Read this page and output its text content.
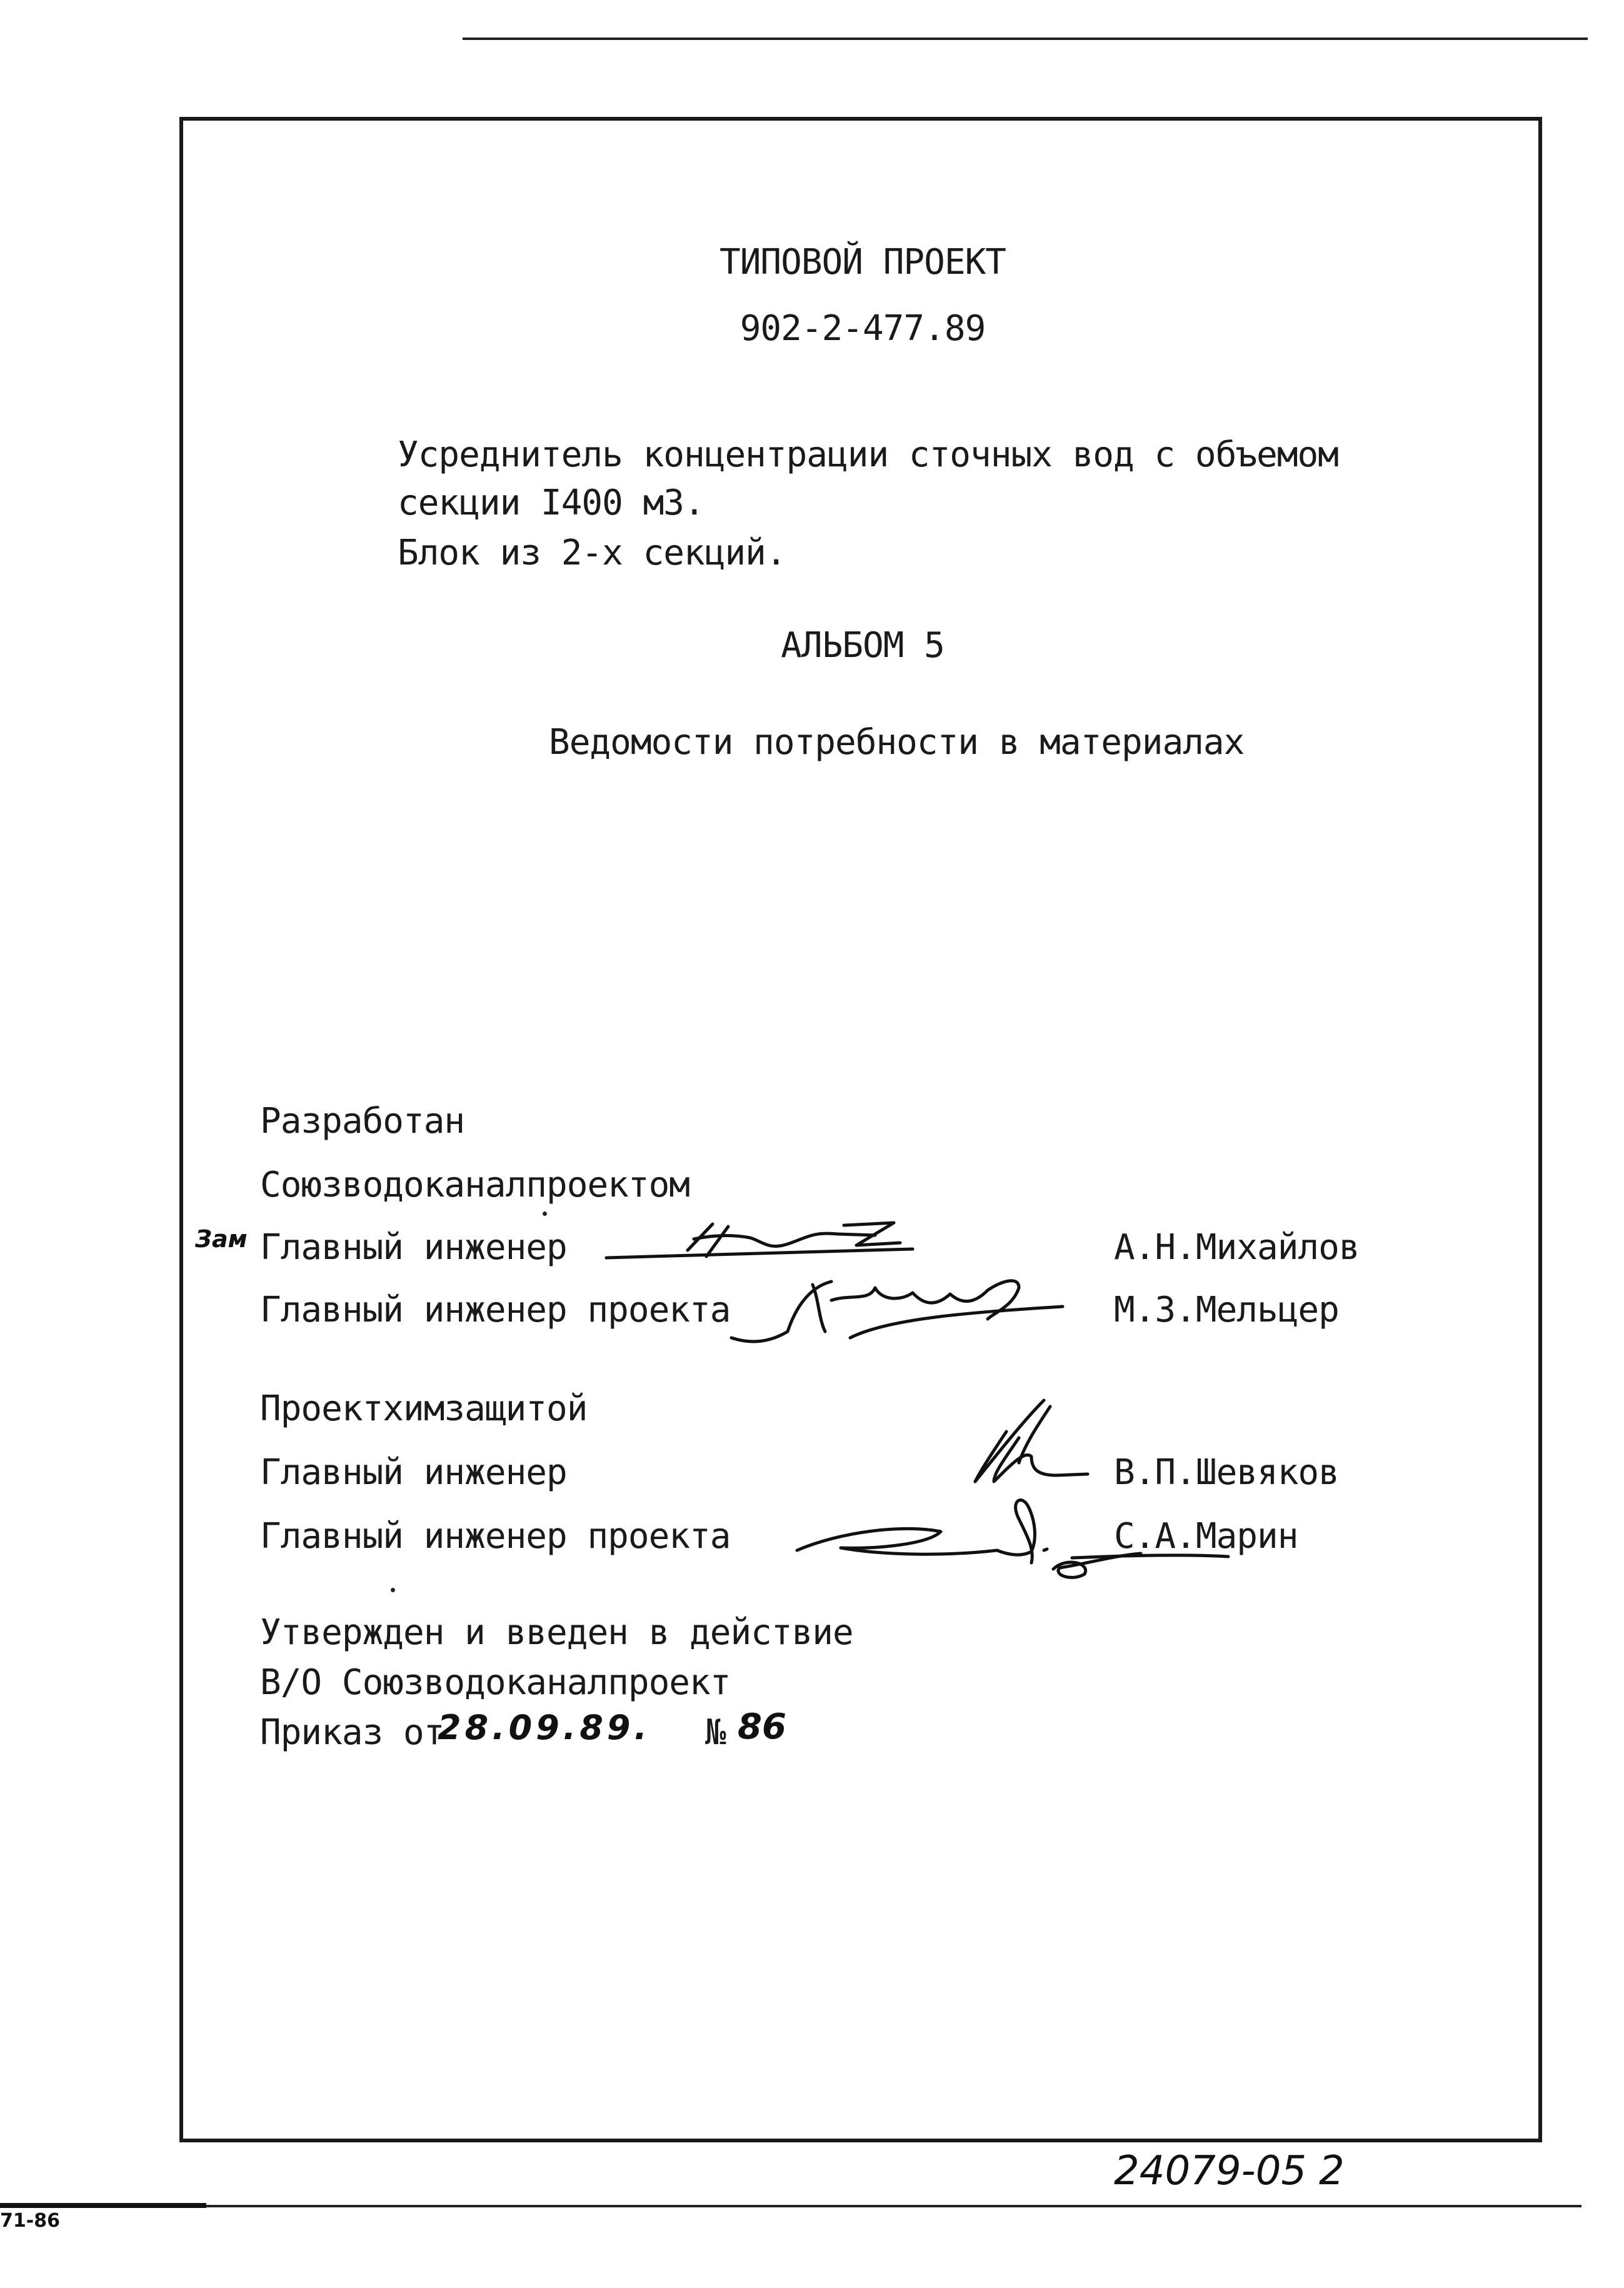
ТИПОВОЙ ПРОЕКТ
902-2-477.89
Усреднитель концентрации сточных вод с объемом
секции I400 м3.
Блок из 2-х секций.
АЛЬБОМ 5
Ведомости потребности в материалах
Разработан
Союзводоканалпроектом
Зам Главный инженер	А.Н.Михайлов
Главный инженер проекта	М.З.Мельцер
Проектхимзащитой
Главный инженер	В.П.Шевяков
Главный инженер проекта	С.А.Марин
Утвержден и введен в действие
В/О Союзводоканалпроект
Приказ от
28.09.89. № 86
24079-05 2
71-86
